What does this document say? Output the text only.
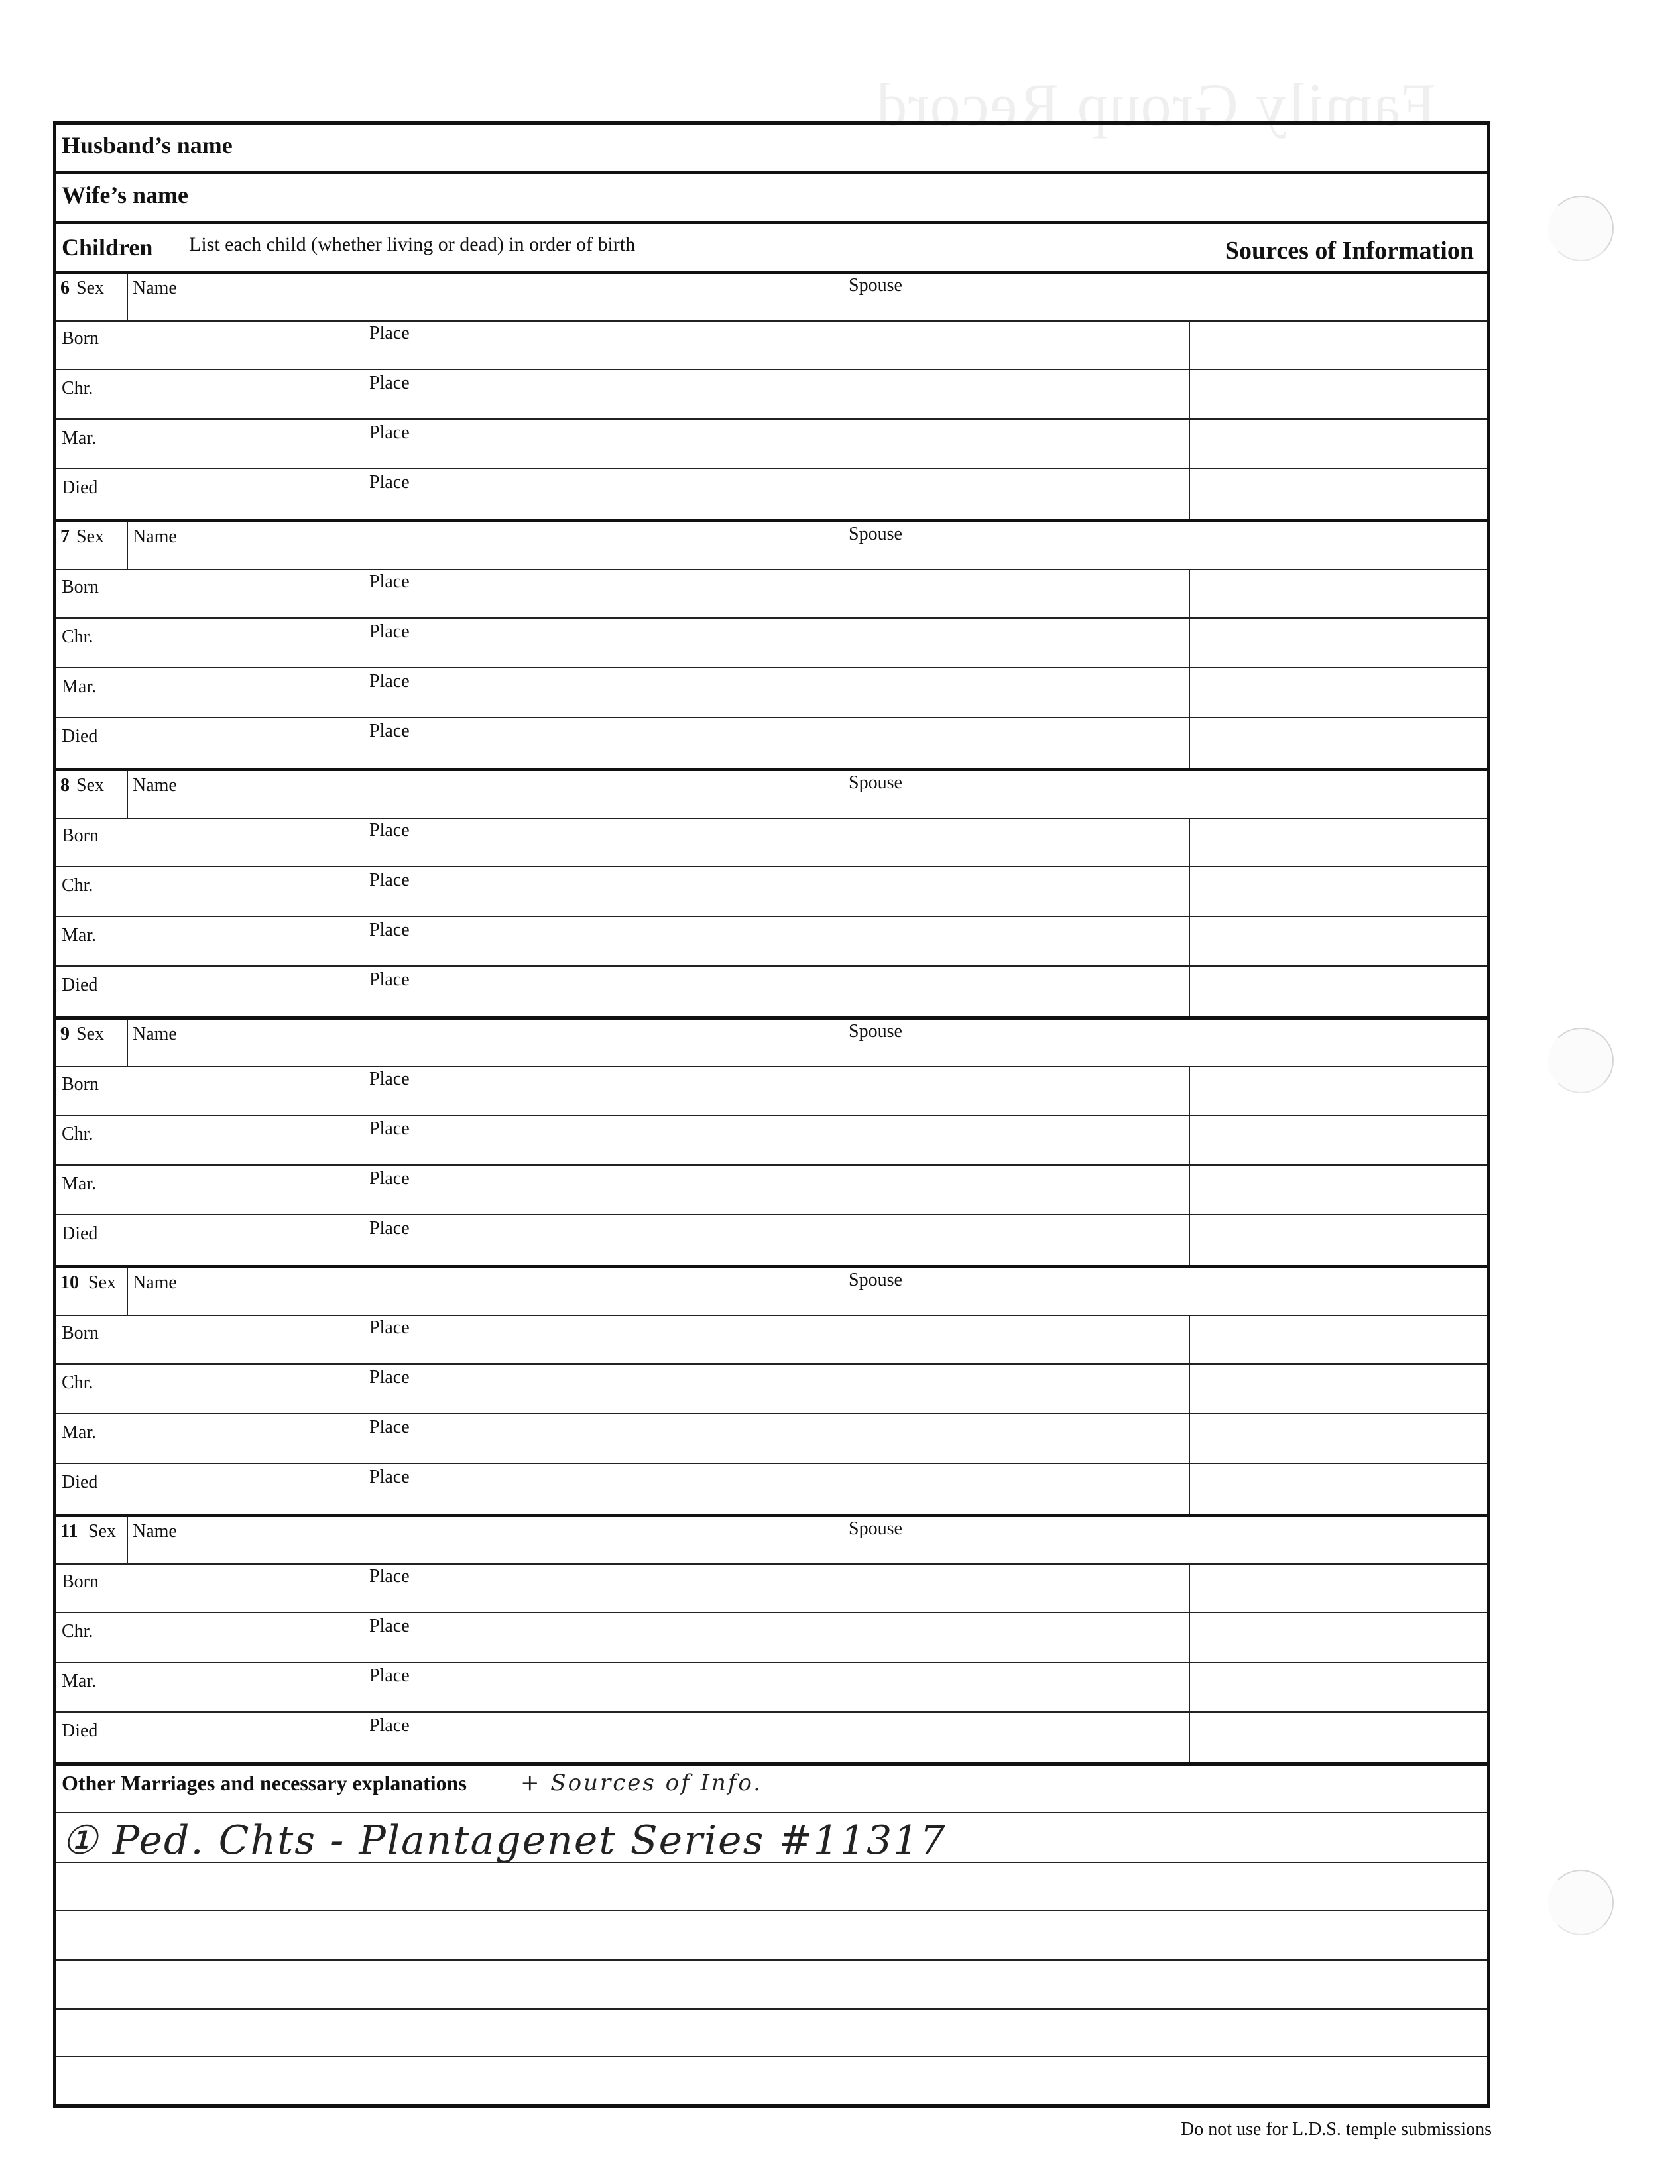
Family Group Record
Husband’s name
Wife’s name
Children List each child (whether living or dead) in order of birth	Sources of Information
6 Sex Name	Spouse
Born	Place
Chr.	Place
Mar.	Place
Died	Place
7 Sex Name	Spouse
Born	Place
Chr.	Place
Mar.	Place
Died	Place
8 Sex Name	Spouse
Born	Place
Chr.	Place
Mar.	Place
Died	Place
9 Sex Name	Spouse
Born	Place
Chr.	Place
Mar.	Place
Died	Place
10 Sex Name	Spouse
Born	Place
Chr.	Place
Mar.	Place
Died	Place
11 Sex Name	Spouse
Born	Place
Chr.	Place
Mar.	Place
Died	Place
Other Marriages and necessary explanations + Sources of Info.
① Ped. Chts - Plantagenet Series #11317
Do not use for L.D.S. temple submissions
